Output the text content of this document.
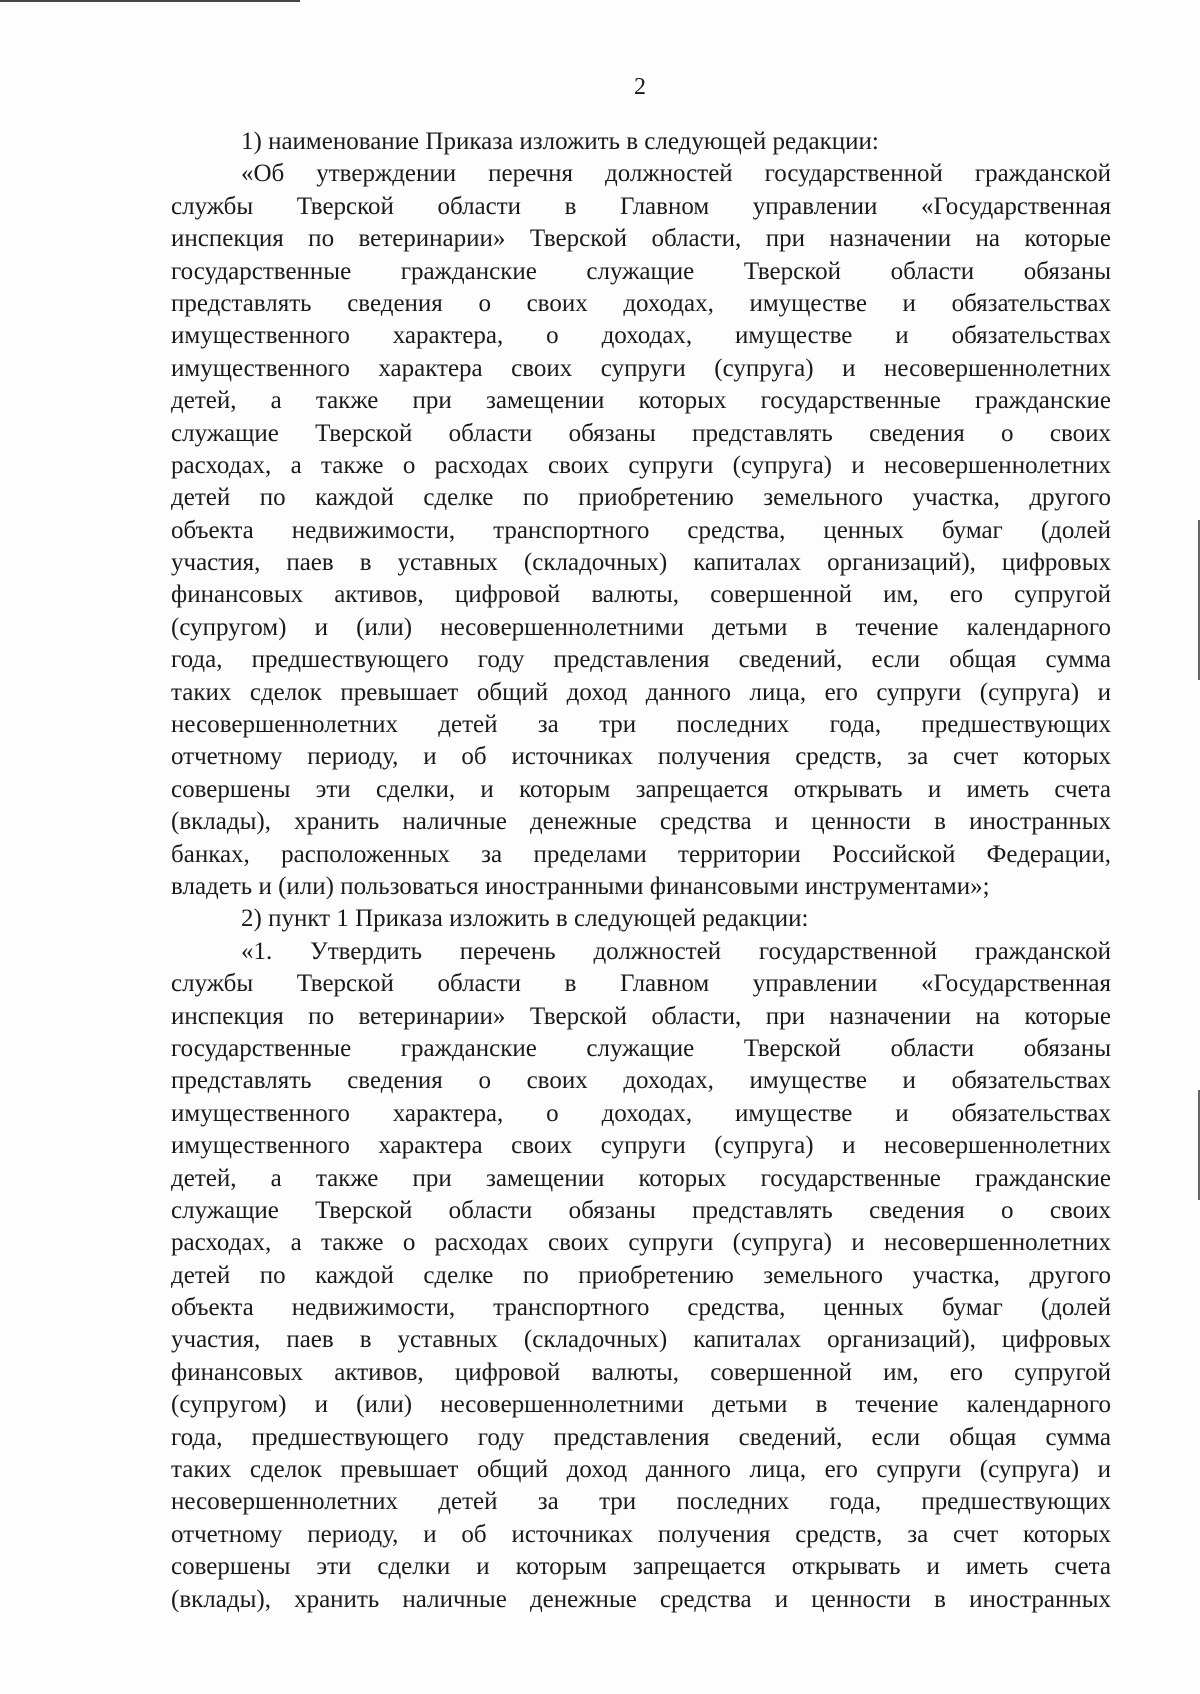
2
1) наименование Приказа изложить в следующей редакции:
«Об утверждении перечня должностей государственной гражданской
службы Тверской области в Главном управлении «Государственная
инспекция по ветеринарии» Тверской области, при назначении на которые
государственные гражданские служащие Тверской области обязаны
представлять сведения о своих доходах, имуществе и обязательствах
имущественного характера, о доходах, имуществе и обязательствах
имущественного характера своих супруги (супруга) и несовершеннолетних
детей, а также при замещении которых государственные гражданские
служащие Тверской области обязаны представлять сведения о своих
расходах, а также о расходах своих супруги (супруга) и несовершеннолетних
детей по каждой сделке по приобретению земельного участка, другого
объекта недвижимости, транспортного средства, ценных бумаг (долей
участия, паев в уставных (складочных) капиталах организаций), цифровых
финансовых активов, цифровой валюты, совершенной им, его супругой
(супругом) и (или) несовершеннолетними детьми в течение календарного
года, предшествующего году представления сведений, если общая сумма
таких сделок превышает общий доход данного лица, его супруги (супруга) и
несовершеннолетних детей за три последних года, предшествующих
отчетному периоду, и об источниках получения средств, за счет которых
совершены эти сделки, и которым запрещается открывать и иметь счета
(вклады), хранить наличные денежные средства и ценности в иностранных
банках, расположенных за пределами территории Российской Федерации,
владеть и (или) пользоваться иностранными финансовыми инструментами»;
2) пункт 1 Приказа изложить в следующей редакции:
«1. Утвердить перечень должностей государственной гражданской
службы Тверской области в Главном управлении «Государственная
инспекция по ветеринарии» Тверской области, при назначении на которые
государственные гражданские служащие Тверской области обязаны
представлять сведения о своих доходах, имуществе и обязательствах
имущественного характера, о доходах, имуществе и обязательствах
имущественного характера своих супруги (супруга) и несовершеннолетних
детей, а также при замещении которых государственные гражданские
служащие Тверской области обязаны представлять сведения о своих
расходах, а также о расходах своих супруги (супруга) и несовершеннолетних
детей по каждой сделке по приобретению земельного участка, другого
объекта недвижимости, транспортного средства, ценных бумаг (долей
участия, паев в уставных (складочных) капиталах организаций), цифровых
финансовых активов, цифровой валюты, совершенной им, его супругой
(супругом) и (или) несовершеннолетними детьми в течение календарного
года, предшествующего году представления сведений, если общая сумма
таких сделок превышает общий доход данного лица, его супруги (супруга) и
несовершеннолетних детей за три последних года, предшествующих
отчетному периоду, и об источниках получения средств, за счет которых
совершены эти сделки и которым запрещается открывать и иметь счета
(вклады), хранить наличные денежные средства и ценности в иностранных
